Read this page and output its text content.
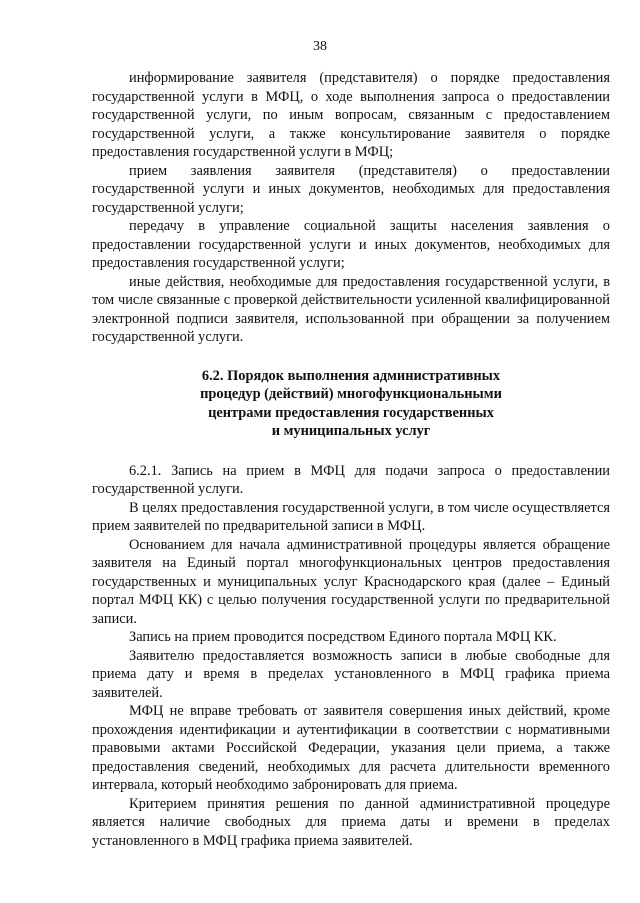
38

информирование заявителя (представителя) о порядке предоставления государственной услуги в МФЦ, о ходе выполнения запроса о предоставлении государственной услуги, по иным вопросам, связанным с предоставлением государственной услуги, а также консультирование заявителя о порядке предоставления государственной услуги в МФЦ;

прием заявления заявителя (представителя) о предоставлении государственной услуги и иных документов, необходимых для предоставления государственной услуги;

передачу в управление социальной защиты населения заявления о предоставлении государственной услуги и иных документов, необходимых для предоставления государственной услуги;

иные действия, необходимые для предоставления государственной услуги, в том числе связанные с проверкой действительности усиленной квалифицированной электронной подписи заявителя, использованной при обращении за получением государственной услуги.

6.2. Порядок выполнения административных
процедур (действий) многофункциональными
центрами предоставления государственных
и муниципальных услуг

6.2.1. Запись на прием в МФЦ для подачи запроса о предоставлении государственной услуги.

В целях предоставления государственной услуги, в том числе осуществляется прием заявителей по предварительной записи в МФЦ.

Основанием для начала административной процедуры является обращение заявителя на Единый портал многофункциональных центров предоставления государственных и муниципальных услуг Краснодарского края (далее – Единый портал МФЦ КК) с целью получения государственной услуги по предварительной записи.

Запись на прием проводится посредством Единого портала МФЦ КК.

Заявителю предоставляется возможность записи в любые свободные для приема дату и время в пределах установленного в МФЦ графика приема заявителей.

МФЦ не вправе требовать от заявителя совершения иных действий, кроме прохождения идентификации и аутентификации в соответствии с нормативными правовыми актами Российской Федерации, указания цели приема, а также предоставления сведений, необходимых для расчета длительности временного интервала, который необходимо забронировать для приема.

Критерием принятия решения по данной административной процедуре является наличие свободных для приема даты и времени в пределах установленного в МФЦ графика приема заявителей.
